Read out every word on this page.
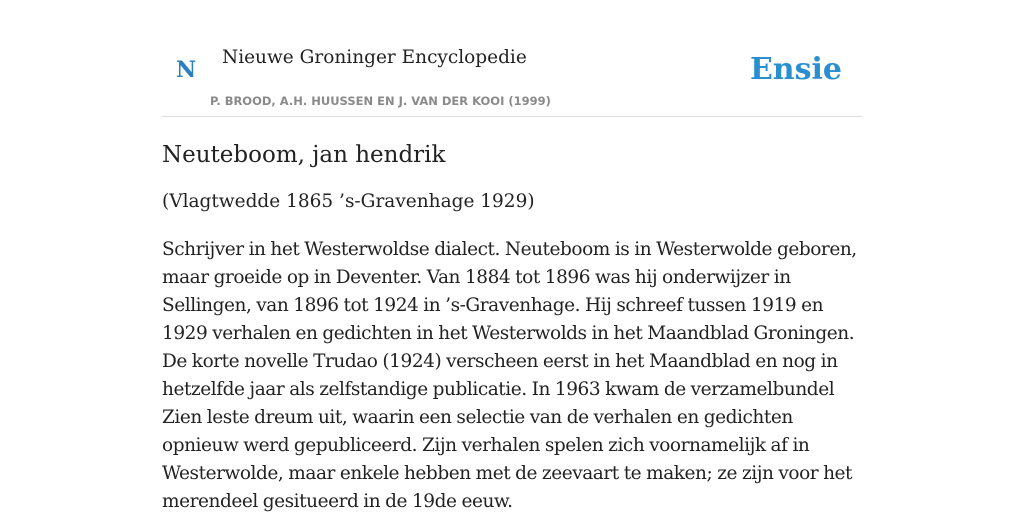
N Nieuwe Groninger Encyclopedie
P. BROOD, A.H. HUUSSEN EN J. VAN DER KOOI (1999)
Ensie
Neuteboom, jan hendrik

(Vlagtwedde 1865 ’s-Gravenhage 1929)

Schrijver in het Westerwoldse dialect. Neuteboom is in Westerwolde geboren, maar groeide op in Deventer. Van 1884 tot 1896 was hij onderwijzer in Sellingen, van 1896 tot 1924 in ’s-Gravenhage. Hij schreef tussen 1919 en 1929 verhalen en gedichten in het Westerwolds in het Maandblad Groningen. De korte novelle Trudao (1924) verscheen eerst in het Maandblad en nog in hetzelfde jaar als zelfstandige publicatie. In 1963 kwam de verzamelbundel Zien leste dreum uit, waarin een selectie van de verhalen en gedichten opnieuw werd gepubliceerd. Zijn verhalen spelen zich voornamelijk af in Westerwolde, maar enkele hebben met de zeevaart te maken; ze zijn voor het merendeel gesitueerd in de 19de eeuw.
